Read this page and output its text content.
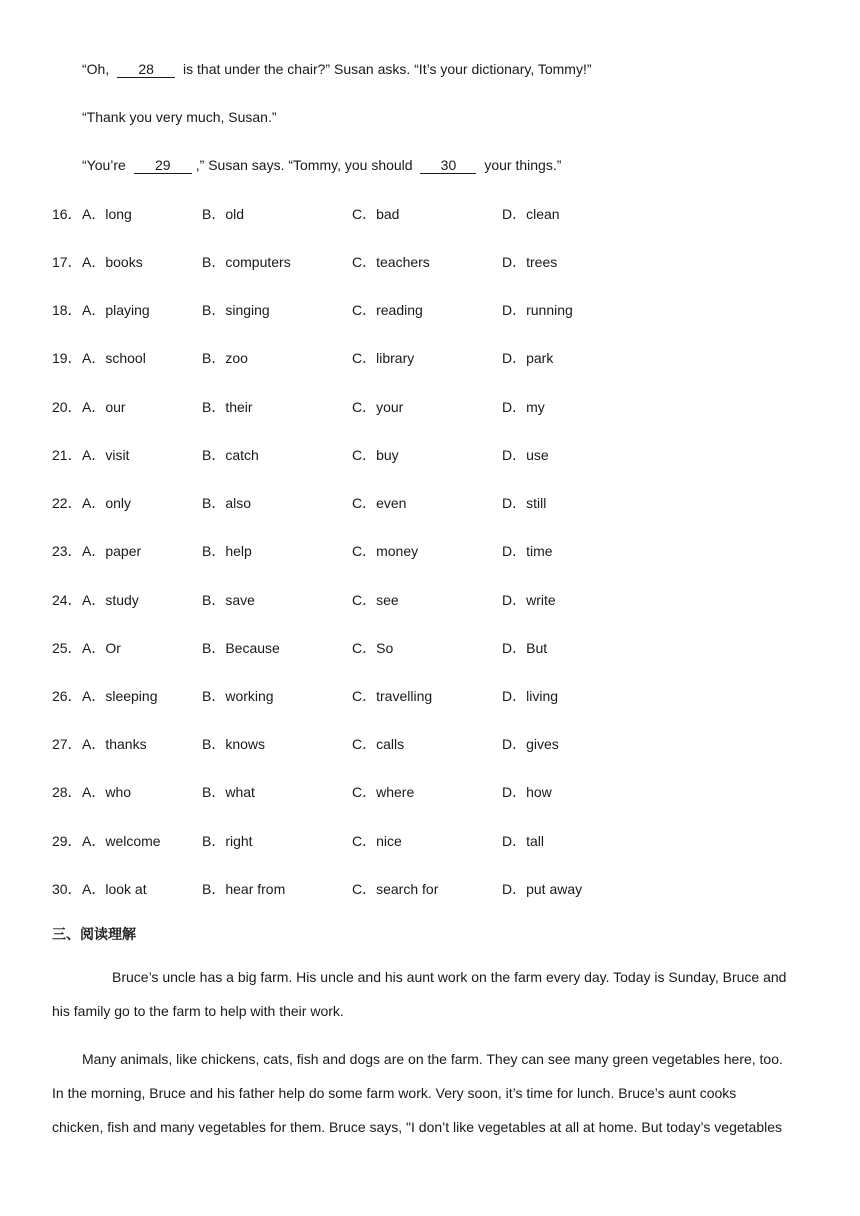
“Oh, 28 is that under the chair?” Susan asks. “It’s your dictionary, Tommy!”
“Thank you very much, Susan.”
“You’re 29 ,” Susan says. “Tommy, you should 30 your things.”
16． A．long	B．old	C．bad	D．clean
17． A．books	B．computers	C．teachers	D．trees
18． A．playing	B．singing	C．reading	D．running
19． A．school	B．zoo	C．library	D．park
20． A．our	B．their	C．your	D．my
21． A．visit	B．catch	C．buy	D．use
22． A．only	B．also	C．even	D．still
23． A．paper	B．help	C．money	D．time
24． A．study	B．save	C．see	D．write
25． A．Or	B．Because	C．So	D．But
26． A．sleeping	B．working	C．travelling	D．living
27． A．thanks	B．knows	C．calls	D．gives
28． A．who	B．what	C．where	D．how
29． A．welcome	B．right	C．nice	D．tall
30． A．look at	B．hear from	C．search for	D．put away
三、阅读理解
Bruce’s uncle has a big farm. His uncle and his aunt work on the farm every day. Today is Sunday, Bruce and
his family go to the farm to help with their work.
Many animals, like chickens, cats, fish and dogs are on the farm. They can see many green vegetables here, too.
In the morning, Bruce and his father help do some farm work. Very soon, it’s time for lunch. Bruce’s aunt cooks
chicken, fish and many vegetables for them. Bruce says, "I don’t like vegetables at all at home. But today’s vegetables
